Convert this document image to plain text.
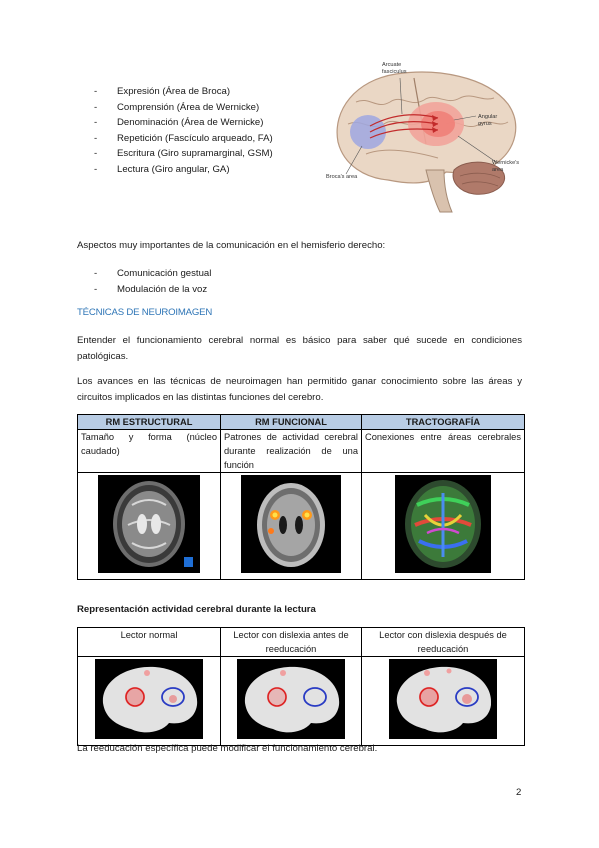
- Expresión (Área de Broca)
- Comprensión (Área de Wernicke)
- Denominación (Área de Wernicke)
- Repetición (Fascículo arqueado, FA)
- Escritura (Giro supramarginal, GSM)
- Lectura (Giro angular, GA)
Arcuate fasciculus
Angular gyrus
Broca's area
Wernicke's area
Aspectos muy importantes de la comunicación en el hemisferio derecho:
- Comunicación gestual
- Modulación de la voz
TÉCNICAS DE NEUROIMAGEN
Entender el funcionamiento cerebral normal es básico para saber qué sucede en condiciones patológicas.
Los avances en las técnicas de neuroimagen han permitido ganar conocimiento sobre las áreas y circuitos implicados en las distintas funciones del cerebro.
RM ESTRUCTURAL	RM FUNCIONAL	TRACTOGRAFÍA
Tamaño y forma (núcleo caudado)	Patrones de actividad cerebral durante realización de una función	Conexiones entre áreas cerebrales

Representación actividad cerebral durante la lectura
Lector normal	Lector con dislexia antes de reeducación	Lector con dislexia después de reeducación

La reeducación específica puede modificar el funcionamiento cerebral.
2
